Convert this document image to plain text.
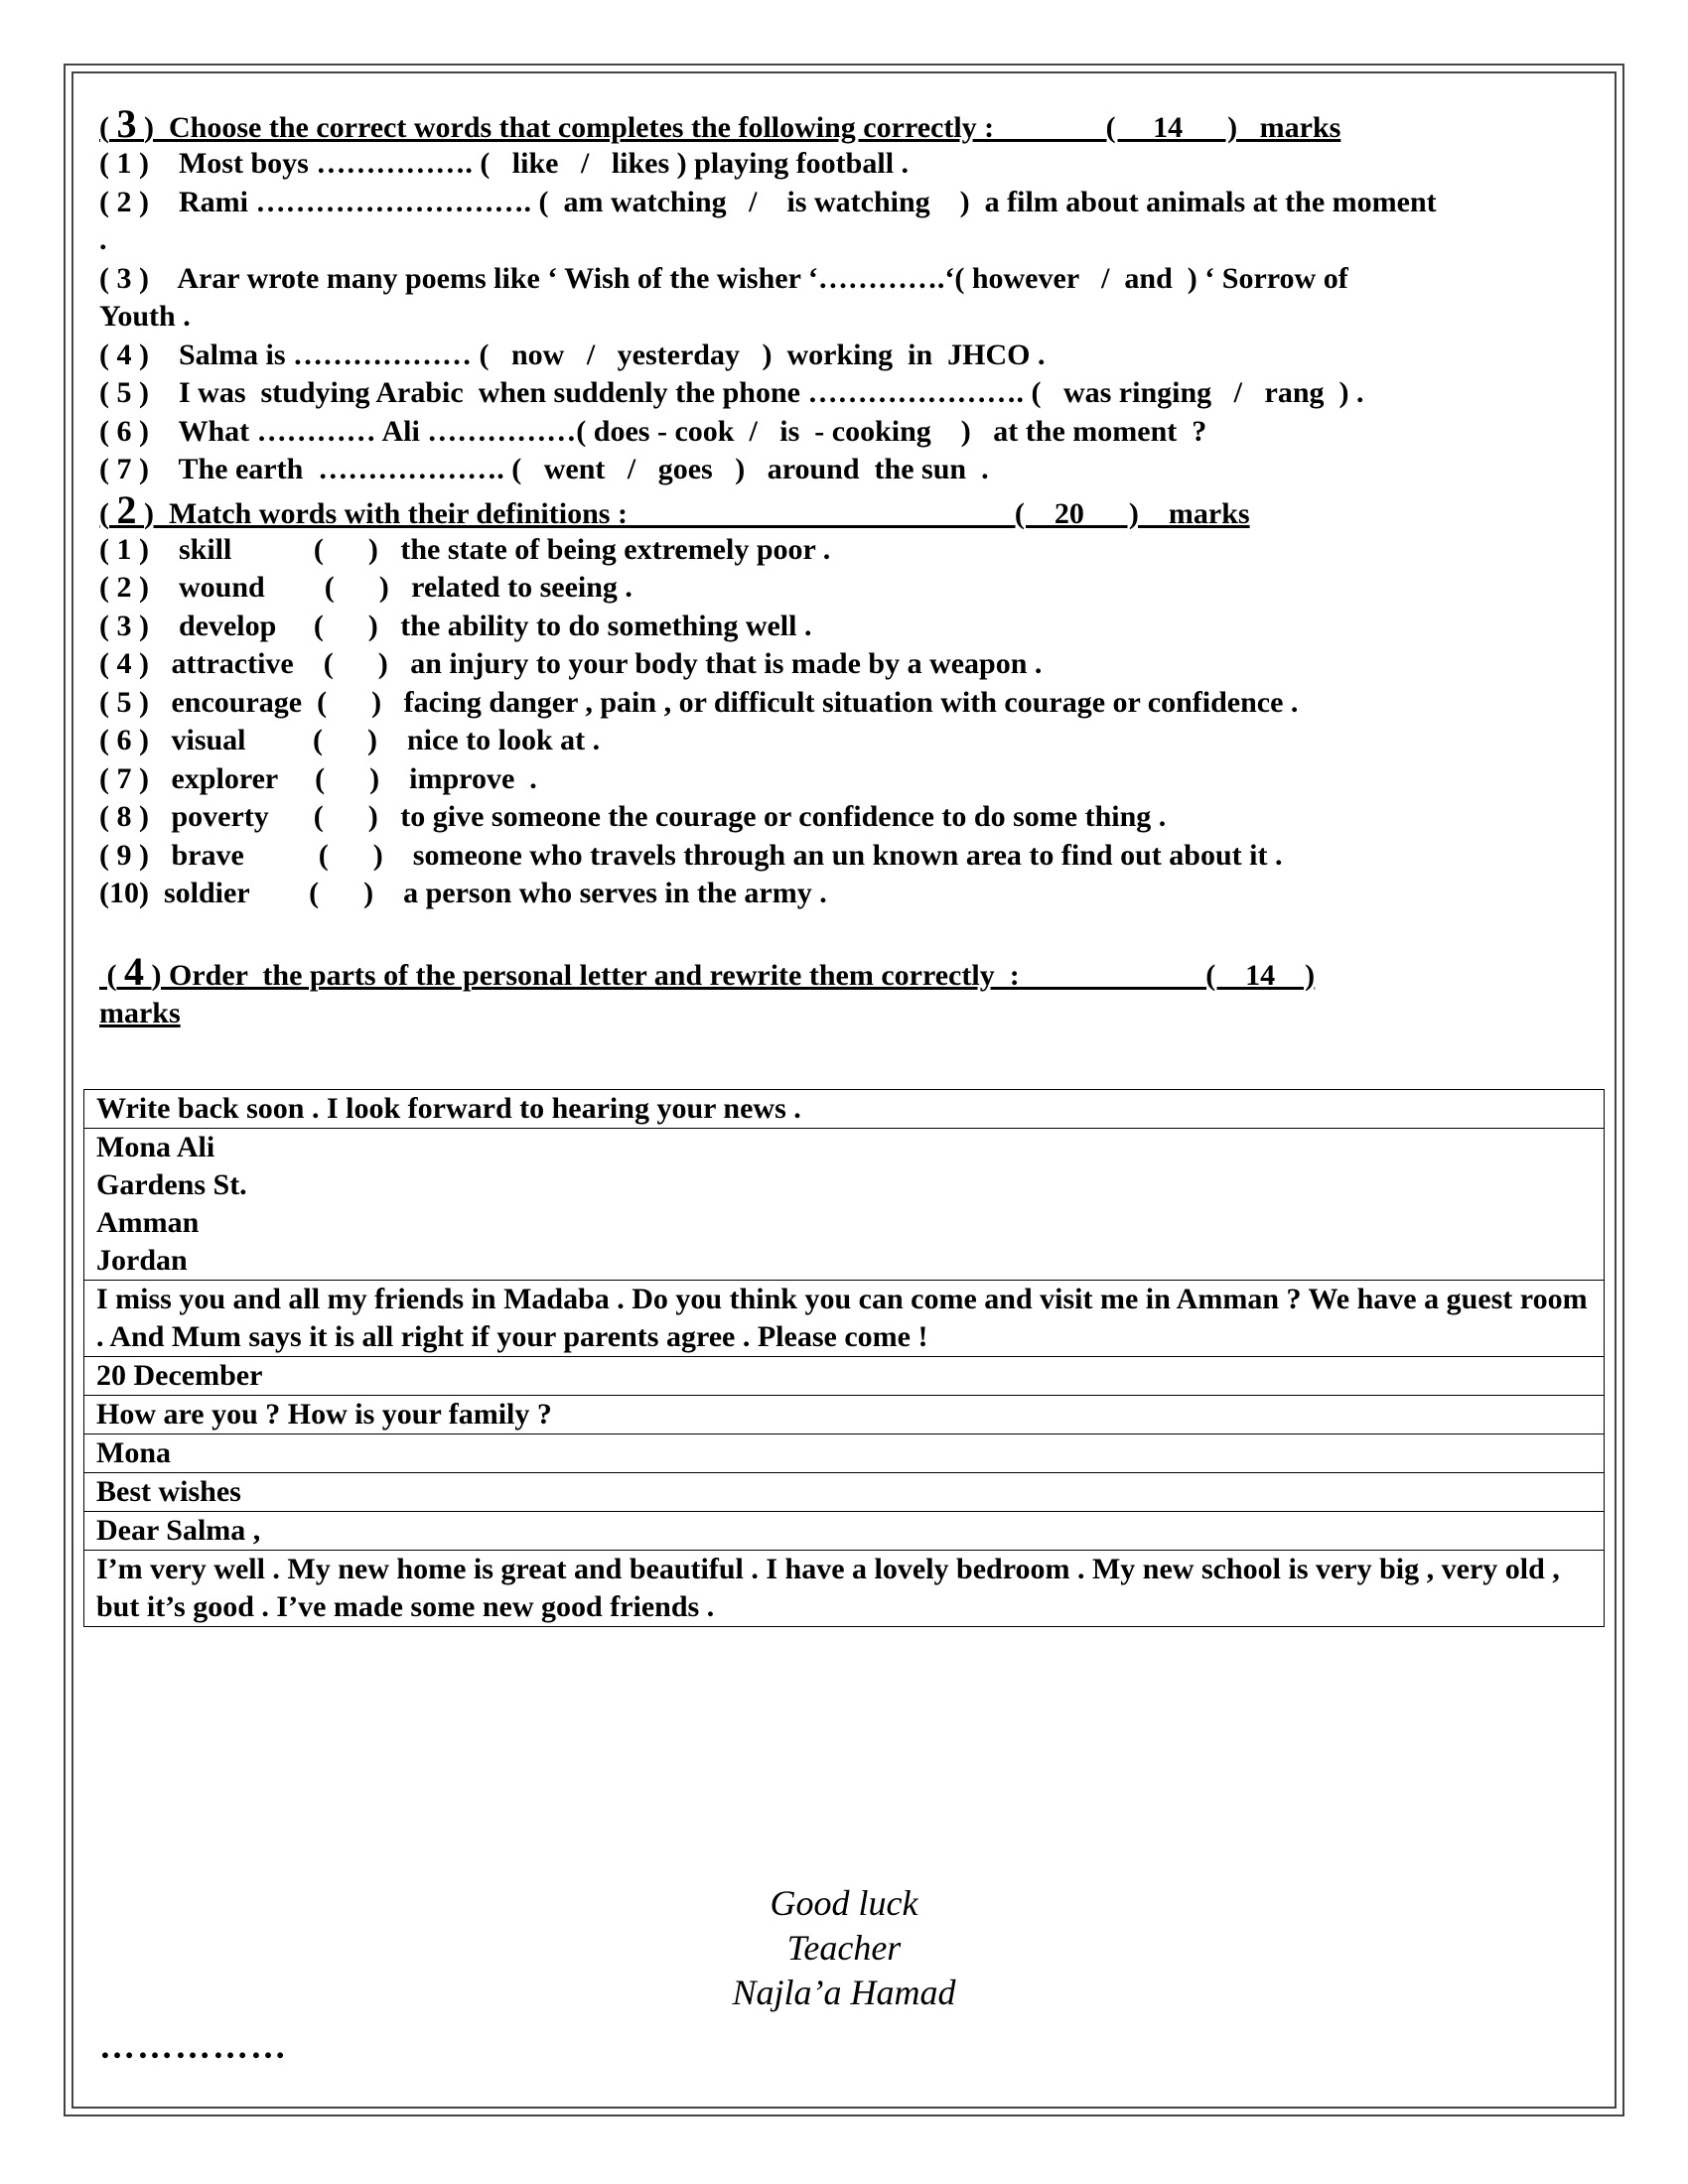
( 3 )  Choose the correct words that completes the following correctly :               (     14      )   marks
( 1 )    Most boys ……………. (   like   /   likes ) playing football .
( 2 )    Rami ………………………. (  am watching   /    is watching    )  a film about animals at the moment
.
( 3 )    Arar wrote many poems like ‘ Wish of the wisher ‘………….‘( however   /  and  ) ‘ Sorrow of
Youth .
( 4 )    Salma is ……………… (   now   /   yesterday   )  working  in  JHCO .
( 5 )    I was  studying Arabic  when suddenly the phone …………………. (   was ringing   /   rang  ) .
( 6 )    What ………… Ali ……………( does - cook  /   is  - cooking    )   at the moment  ?
( 7 )    The earth  ………………. (   went   /   goes   )   around  the sun  .
( 2 )  Match words with their definitions :                                                    (    20      )    marks
( 1 )    skill           (      )   the state of being extremely poor .
( 2 )    wound        (      )   related to seeing .
( 3 )    develop     (      )   the ability to do something well .
( 4 )   attractive    (      )   an injury to your body that is made by a weapon .
( 5 )   encourage  (      )   facing danger , pain , or difficult situation with courage or confidence .
( 6 )   visual         (      )    nice to look at .
( 7 )   explorer     (      )    improve  .
( 8 )   poverty      (      )   to give someone the courage or confidence to do some thing .
( 9 )   brave          (      )    someone who travels through an un known area to find out about it .
(10)  soldier        (      )    a person who serves in the army .
( 4 ) Order  the parts of the personal letter and rewrite them correctly  :                         (    14    )
marks
Write back soon . I look forward to hearing your news .
Mona Ali
Gardens St.
Amman
Jordan
I miss you and all my friends in Madaba . Do you think you can come and visit me in Amman ? We have a guest room . And Mum says it is all right if your parents agree . Please come !
20 December
How are you ? How is your family ?
Mona
Best wishes
Dear Salma ,
I’m very well . My new home is great and beautiful . I have a lovely bedroom . My new school is very big , very old , but it’s good . I’ve made some new good friends .
Good luck
Teacher
Najla’a Hamad
……………
